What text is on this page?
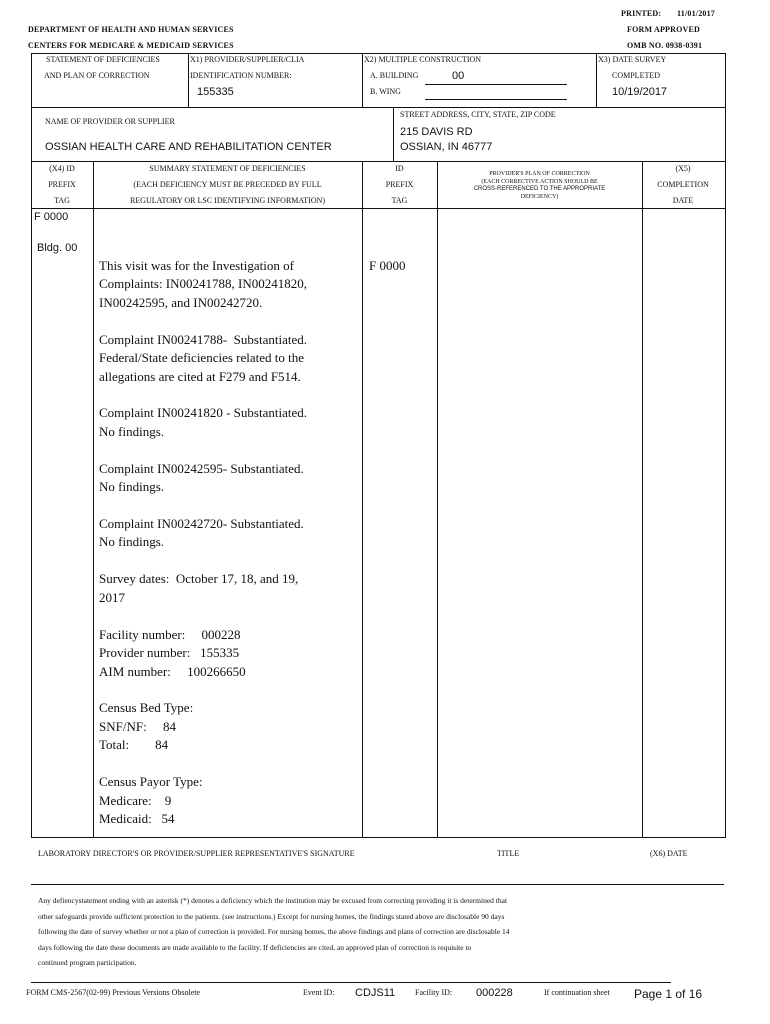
PRINTED: 11/01/2017
DEPARTMENT OF HEALTH AND HUMAN SERVICES	FORM APPROVED
CENTERS FOR MEDICARE & MEDICAID SERVICES	OMB NO. 0938-0391
STATEMENT OF DEFICIENCIES
AND PLAN OF CORRECTION
X1) PROVIDER/SUPPLIER/CLIA
IDENTIFICATION NUMBER:
155335
X2) MULTIPLE CONSTRUCTION
A. BUILDING	00
B. WING
X3) DATE SURVEY
COMPLETED
10/19/2017
NAME OF PROVIDER OR SUPPLIER
OSSIAN HEALTH CARE AND REHABILITATION CENTER
STREET ADDRESS, CITY, STATE, ZIP CODE
215 DAVIS RD
OSSIAN, IN 46777
(X4) ID
PREFIX
TAG
SUMMARY STATEMENT OF DEFICIENCIES
(EACH DEFICIENCY MUST BE PRECEDED BY FULL
REGULATORY OR LSC IDENTIFYING INFORMATION)
ID
PREFIX
TAG
PROVIDER'S PLAN OF CORRECTION
(EACH CORRECTIVE ACTION SHOULD BE
CROSS-REFERENCED TO THE APPROPRIATE
DEFICIENCY)
(X5)
COMPLETION
DATE
F 0000
Bldg. 00
F 0000
This visit was for the Investigation of
Complaints: IN00241788, IN00241820,
IN00242595, and IN00242720.
Complaint IN00241788-  Substantiated.
Federal/State deficiencies related to the
allegations are cited at F279 and F514.
Complaint IN00241820 - Substantiated.
No findings.
Complaint IN00242595- Substantiated.
No findings.
Complaint IN00242720- Substantiated.
No findings.
Survey dates:  October 17, 18, and 19,
2017
Facility number:     000228
Provider number:   155335
AIM number:     100266650
Census Bed Type:
SNF/NF:     84
Total:        84
Census Payor Type:
Medicare:    9
Medicaid:   54
LABORATORY DIRECTOR'S OR PROVIDER/SUPPLIER REPRESENTATIVE'S SIGNATURE	TITLE	(X6) DATE
Any defiencystatement ending with an asterisk (*) denotes a deficiency which the institution may be excused from correcting providing it is determined that
other safeguards provide sufficient protection to the patients. (see instructions.) Except for nursing homes, the findings stated above are disclosable 90 days
following the date of survey whether or not a plan of correction is provided. For nursing homes, the above findings and plans of correction are disclosable 14
days following the date these documents are made available to the facility. If deficiencies are cited, an approved plan of correction is requisite to
continued program participation.
FORM CMS-2567(02-99) Previous Versions Obsolete	Event ID: CDJS11 Facility ID: 000228	If continuation sheet Page 1 of 16
